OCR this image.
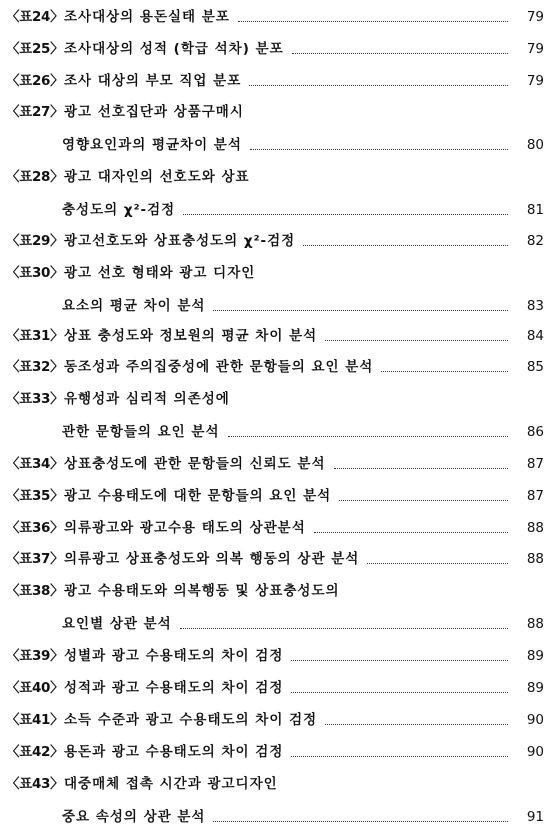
〈표24〉 조사대상의 용돈실태 분포	79
〈표25〉 조사대상의 성적 (학급 석차) 분포	79
〈표26〉 조사 대상의 부모 직업 분포	79
〈표27〉 광고 선호집단과 상품구매시
영향요인과의 평균차이 분석	80
〈표28〉 광고 대자인의 선호도와 상표
충성도의 χ²-검정	81
〈표29〉 광고선호도와 상표충성도의 χ²-검정	82
〈표30〉 광고 선호 형태와 광고 디자인
요소의 평균 차이 분석	83
〈표31〉 상표 충성도와 정보원의 평균 차이 분석	84
〈표32〉 동조성과 주의집중성에 관한 문항들의 요인 분석	85
〈표33〉 유행성과 심리적 의존성에
관한 문항들의 요인 분석	86
〈표34〉 상표충성도에 관한 문항들의 신뢰도 분석	87
〈표35〉 광고 수용태도에 대한 문항들의 요인 분석	87
〈표36〉 의류광고와 광고수용 태도의 상관분석	88
〈표37〉 의류광고 상표충성도와 의복 행동의 상관 분석	88
〈표38〉 광고 수용태도와 의복행동 및 상표충성도의
요인별 상관 분석	88
〈표39〉 성별과 광고 수용태도의 차이 검정	89
〈표40〉 성적과 광고 수용태도의 차이 검정	89
〈표41〉 소득 수준과 광고 수용태도의 차이 검정	90
〈표42〉 용돈과 광고 수용태도의 차이 검정	90
〈표43〉 대중매체 접촉 시간과 광고디자인
중요 속성의 상관 분석	91
